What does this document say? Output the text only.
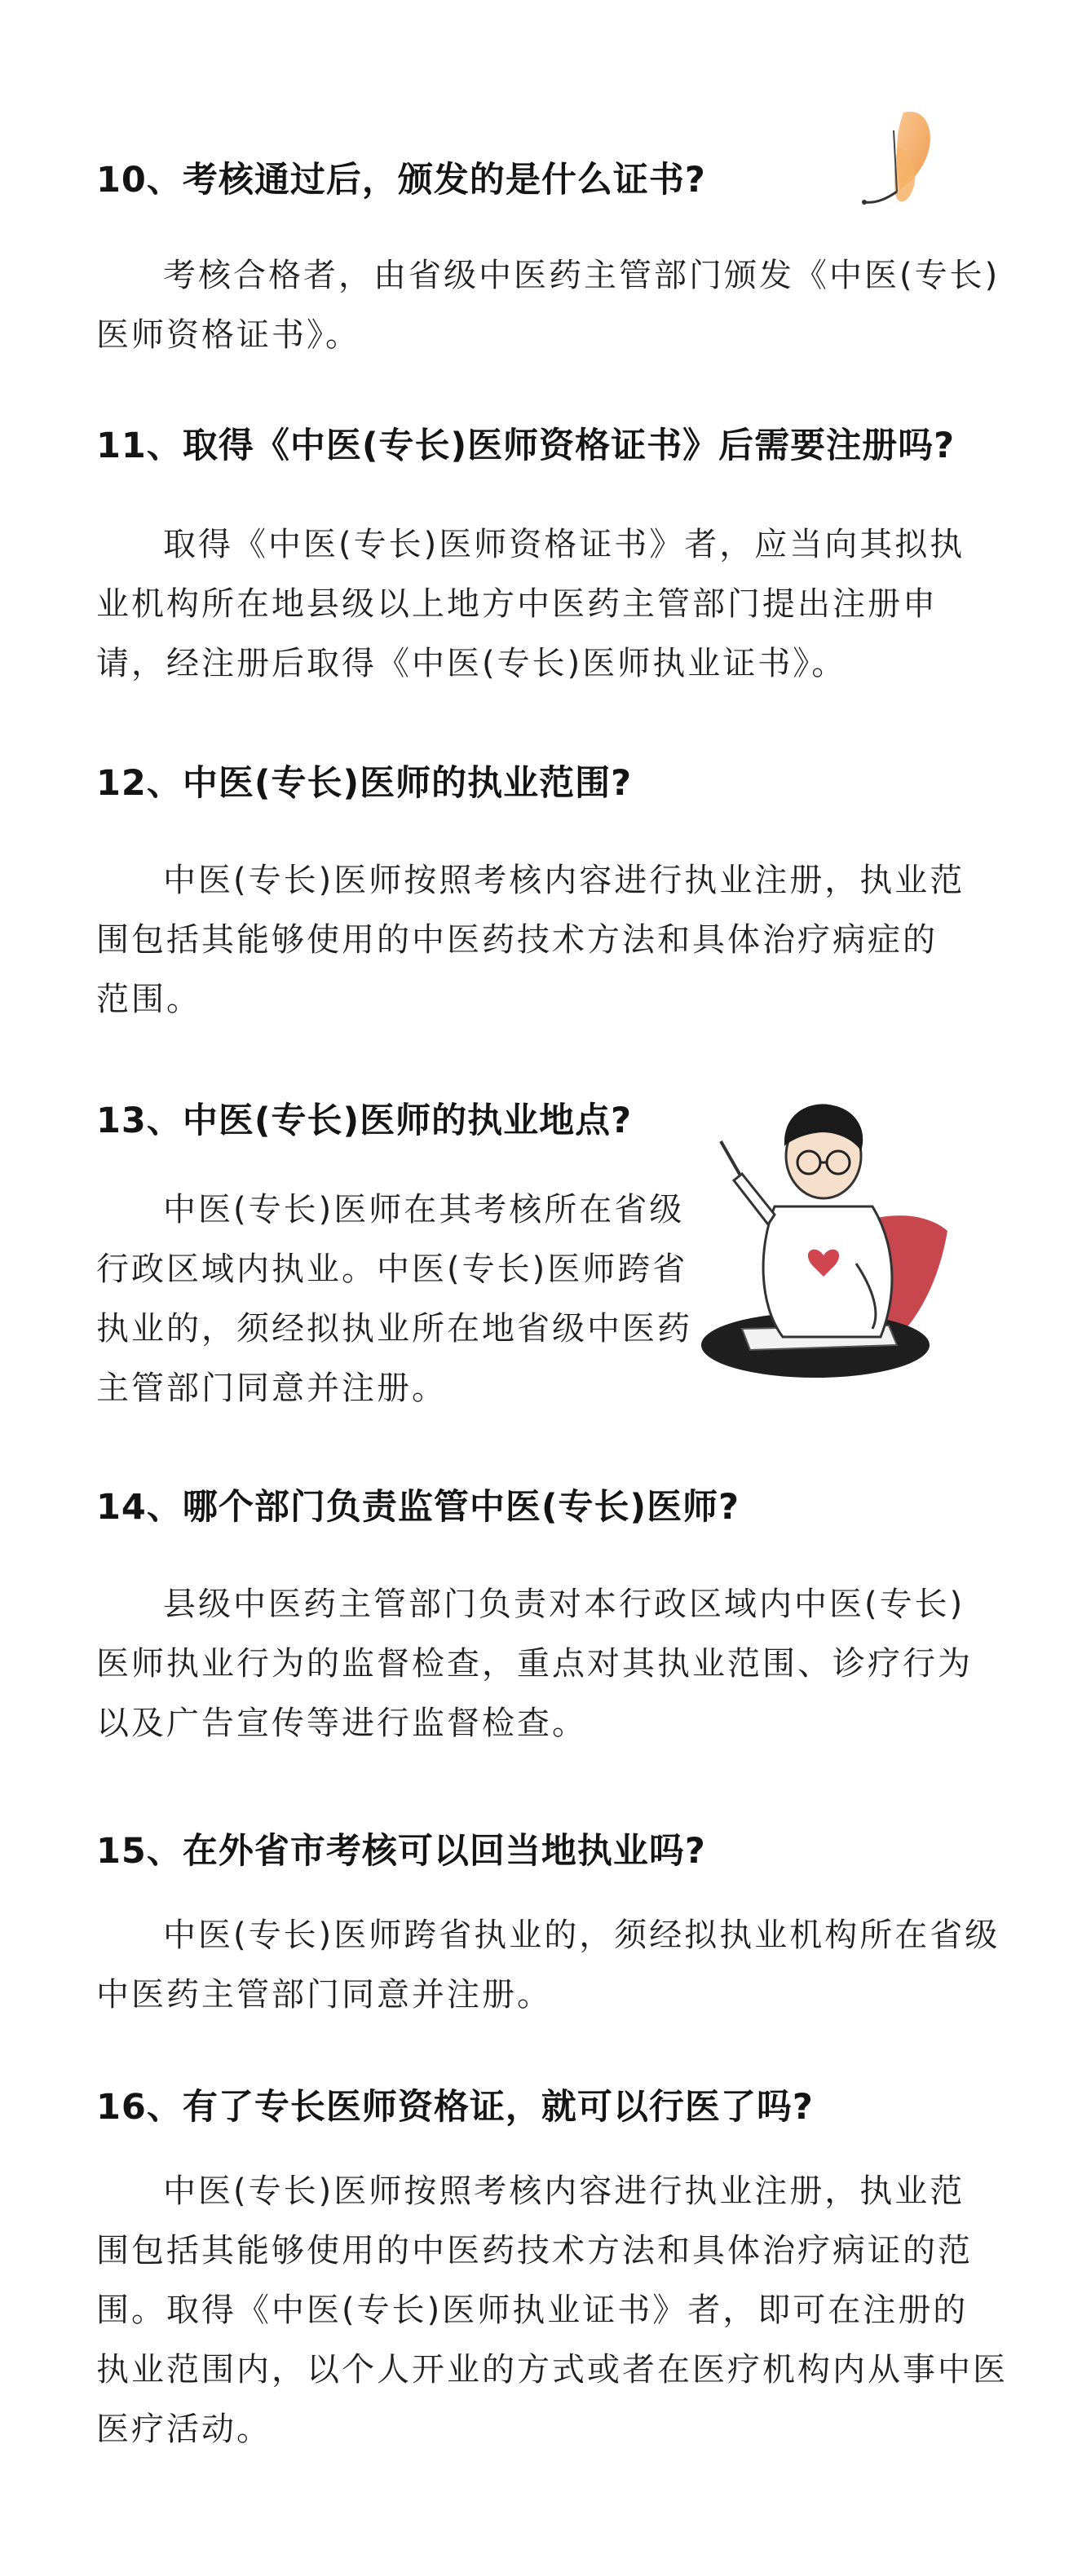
10、考核通过后，颁发的是什么证书?

考核合格者，由省级中医药主管部门颁发《中医(专长)

医师资格证书》。

11、取得《中医(专长)医师资格证书》后需要注册吗?

取得《中医(专长)医师资格证书》者，应当向其拟执

业机构所在地县级以上地方中医药主管部门提出注册申

请，经注册后取得《中医(专长)医师执业证书》。

12、中医(专长)医师的执业范围?

中医(专长)医师按照考核内容进行执业注册，执业范

围包括其能够使用的中医药技术方法和具体治疗病症的

范围。

13、中医(专长)医师的执业地点?

中医(专长)医师在其考核所在省级

行政区域内执业。中医(专长)医师跨省

执业的，须经拟执业所在地省级中医药

主管部门同意并注册。

14、哪个部门负责监管中医(专长)医师?

县级中医药主管部门负责对本行政区域内中医(专长)

医师执业行为的监督检查，重点对其执业范围、诊疗行为

以及广告宣传等进行监督检查。

15、在外省市考核可以回当地执业吗?

中医(专长)医师跨省执业的，须经拟执业机构所在省级

中医药主管部门同意并注册。

16、有了专长医师资格证，就可以行医了吗?

中医(专长)医师按照考核内容进行执业注册，执业范

围包括其能够使用的中医药技术方法和具体治疗病证的范

围。取得《中医(专长)医师执业证书》者，即可在注册的

执业范围内，以个人开业的方式或者在医疗机构内从事中医

医疗活动。
